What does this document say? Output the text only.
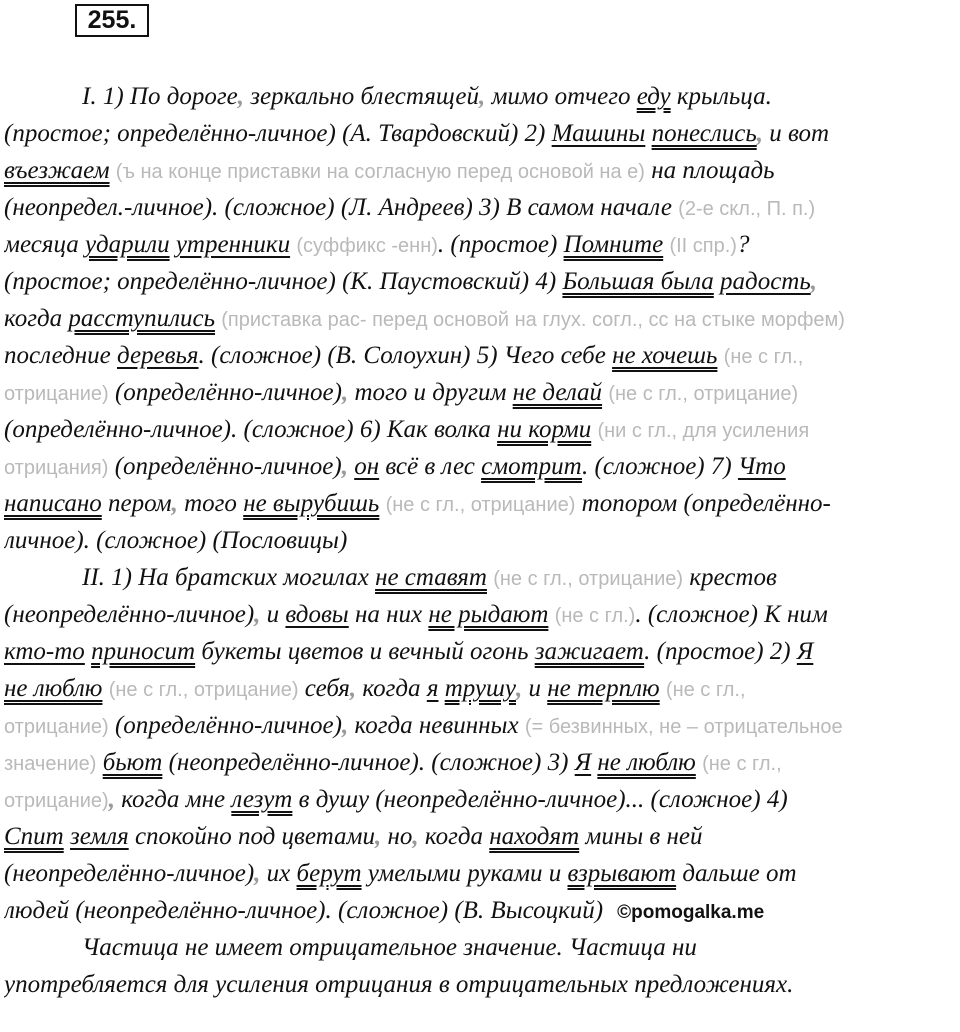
255.
I. 1) По дороге, зеркально блестящей, мимо отчего еду крыльца.
(простое; определённо-личное) (А. Твардовский) 2) Машины понеслись, и вот
въезжаем (ъ на конце приставки на согласную перед основой на е) на площадь
(неопредел.-личное). (сложное) (Л. Андреев) 3) В самом начале (2-е скл., П. п.)
месяца ударили утренники (суффикс -енн). (простое) Помните (II спр.)?
(простое; определённо-личное) (К. Паустовский) 4) Большая была радость,
когда расступились (приставка рас- перед основой на глух. согл., сс на стыке морфем)
последние деревья. (сложное) (В. Солоухин) 5) Чего себе не хочешь (не с гл.,
отрицание) (определённо-личное), того и другим не делай (не с гл., отрицание)
(определённо-личное). (сложное) 6) Как волка ни корми (ни с гл., для усиления
отрицания) (определённо-личное), он всё в лес смотрит. (сложное) 7) Что
написано пером, того не вырубишь (не с гл., отрицание) топором (определённо-
личное). (сложное) (Пословицы)
II. 1) На братских могилах не ставят (не с гл., отрицание) крестов
(неопределённо-личное), и вдовы на них не рыдают (не с гл.). (сложное) К ним
кто-то приносит букеты цветов и вечный огонь зажигает. (простое) 2) Я
не люблю (не с гл., отрицание) себя, когда я трушу, и не терплю (не с гл.,
отрицание) (определённо-личное), когда невинных (= безвинных, не – отрицательное
значение) бьют (неопределённо-личное). (сложное) 3) Я не люблю (не с гл.,
отрицание), когда мне лезут в душу (неопределённо-личное)... (сложное) 4)
Спит земля спокойно под цветами, но, когда находят мины в ней
(неопределённо-личное), их берут умелыми руками и взрывают дальше от
людей (неопределённо-личное). (сложное) (В. Высоцкий) ©pomogalka.me
Частица не имеет отрицательное значение. Частица ни
употребляется для усиления отрицания в отрицательных предложениях.
